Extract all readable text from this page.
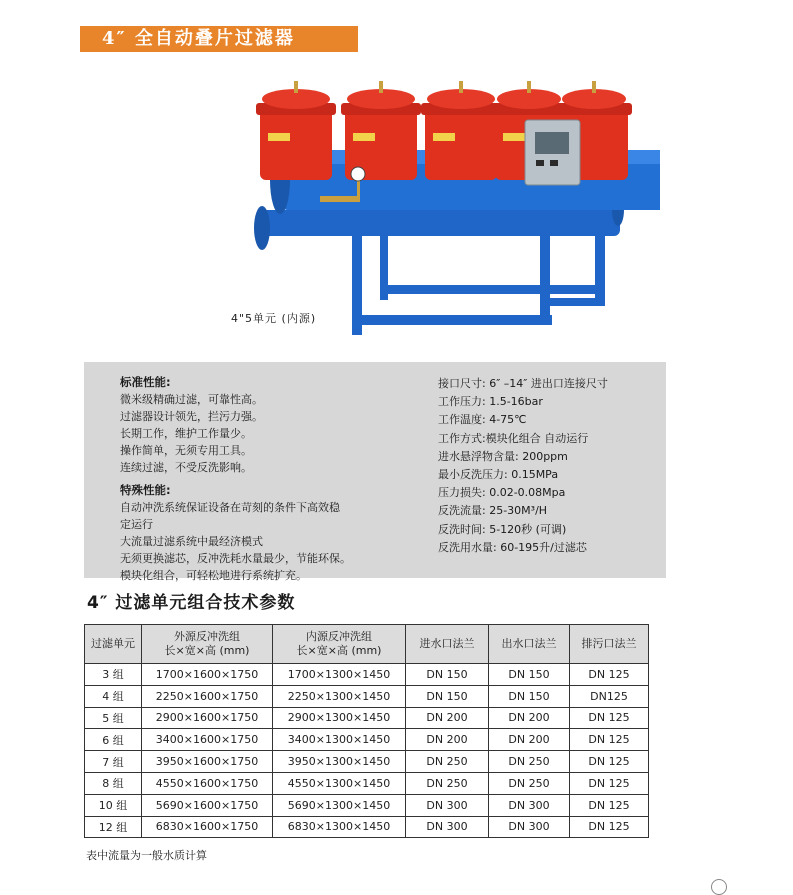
4″ 全自动叠片过滤器
4"5单元 (内源)
标准性能:
微米级精确过滤，可靠性高。
过滤器设计领先，拦污力强。
长期工作，维护工作量少。
操作简单，无须专用工具。
连续过滤，不受反洗影响。
特殊性能:
自动冲洗系统保证设备在苛刻的条件下高效稳
定运行
大流量过滤系统中最经济模式
无须更换滤芯，反冲洗耗水量最少，节能环保。
模块化组合，可轻松地进行系统扩充。
接口尺寸: 6″ –14″ 进出口连接尺寸
工作压力: 1.5-16bar
工作温度: 4-75℃
工作方式:模块化组合 自动运行
进水悬浮物含量: 200ppm
最小反洗压力: 0.15MPa
压力损失: 0.02-0.08Mpa
反洗流量: 25-30M³/H
反洗时间: 5-120秒 (可调)
反洗用水量: 60-195升/过滤芯
4″ 过滤单元组合技术参数
过滤单元	外源反冲洗组
长×宽×高 (mm)	内源反冲洗组
长×宽×高 (mm)	进水口法兰	出水口法兰	排污口法兰
3 组	1700×1600×1750	1700×1300×1450	DN 150	DN 150	DN 125
4 组	2250×1600×1750	2250×1300×1450	DN 150	DN 150	DN125
5 组	2900×1600×1750	2900×1300×1450	DN 200	DN 200	DN 125
6 组	3400×1600×1750	3400×1300×1450	DN 200	DN 200	DN 125
7 组	3950×1600×1750	3950×1300×1450	DN 250	DN 250	DN 125
8 组	4550×1600×1750	4550×1300×1450	DN 250	DN 250	DN 125
10 组	5690×1600×1750	5690×1300×1450	DN 300	DN 300	DN 125
12 组	6830×1600×1750	6830×1300×1450	DN 300	DN 300	DN 125
表中流量为一般水质计算
